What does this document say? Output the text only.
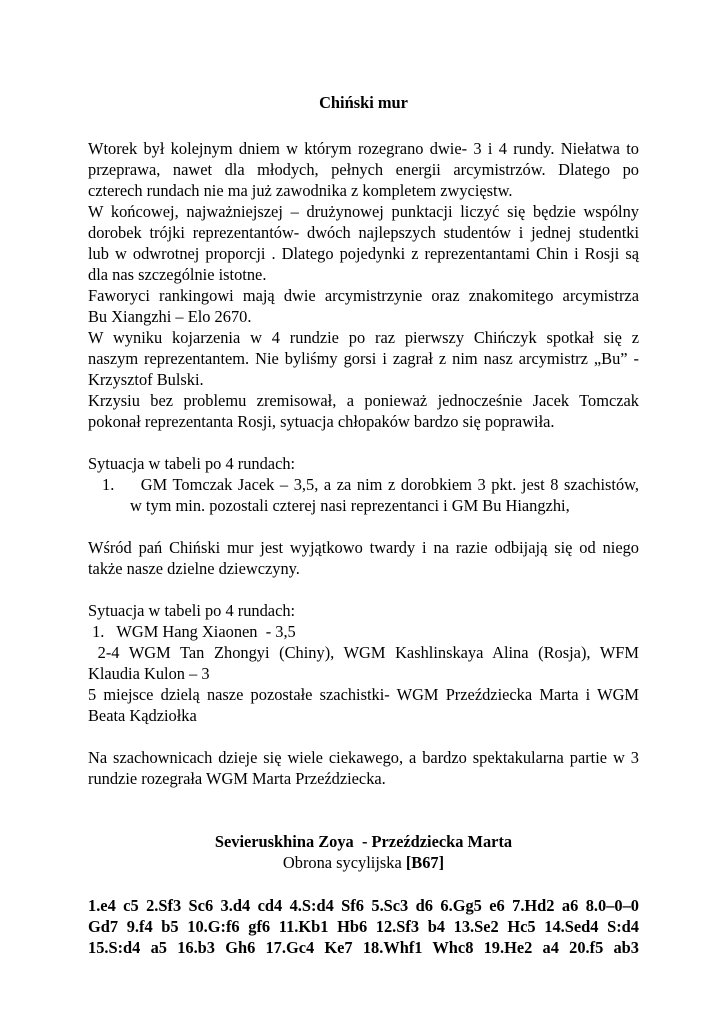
Chiński mur

Wtorek był kolejnym dniem w którym rozegrano dwie- 3 i 4 rundy. Niełatwa to

przeprawa, nawet dla młodych, pełnych energii arcymistrzów. Dlatego po

czterech rundach nie ma już zawodnika z kompletem zwycięstw.

W końcowej, najważniejszej – drużynowej punktacji liczyć się będzie wspólny

dorobek trójki reprezentantów- dwóch najlepszych studentów i jednej studentki

lub w odwrotnej proporcji . Dlatego pojedynki z reprezentantami Chin i Rosji są

dla nas szczególnie istotne.

Faworyci rankingowi mają dwie arcymistrzynie oraz znakomitego arcymistrza

Bu Xiangzhi – Elo 2670.

W wyniku kojarzenia w 4 rundzie po raz pierwszy Chińczyk spotkał się z

naszym reprezentantem. Nie byliśmy gorsi i zagrał z nim nasz arcymistrz „Bu” -

Krzysztof Bulski.

Krzysiu bez problemu zremisował, a ponieważ jednocześnie Jacek Tomczak

pokonał reprezentanta Rosji, sytuacja chłopaków bardzo się poprawiła.

Sytuacja w tabeli po 4 rundach:

1. GM Tomczak Jacek – 3,5, a za nim z dorobkiem 3 pkt. jest 8 szachistów,

w tym min. pozostali czterej nasi reprezentanci i GM Bu Hiangzhi,

Wśród pań Chiński mur jest wyjątkowo twardy i na razie odbijają się od niego

także nasze dzielne dziewczyny.

Sytuacja w tabeli po 4 rundach:

1.   WGM Hang Xiaonen  - 3,5

2-4 WGM Tan Zhongyi (Chiny), WGM Kashlinskaya Alina (Rosja), WFM

Klaudia Kulon – 3

5 miejsce dzielą nasze pozostałe szachistki- WGM Przeździecka Marta i WGM

Beata Kądziołka

Na szachownicach dzieje się wiele ciekawego, a bardzo spektakularna partie w 3

rundzie rozegrała WGM Marta Przeździecka.

Sevieruskhina Zoya  - Przeździecka Marta

Obrona sycylijska [B67]

1.e4 c5 2.Sf3 Sc6 3.d4 cd4 4.S:d4 Sf6 5.Sc3 d6 6.Gg5 e6 7.Hd2 a6 8.0–0–0

Gd7 9.f4 b5 10.G:f6 gf6 11.Kb1 Hb6 12.Sf3 b4 13.Se2 Hc5 14.Sed4 S:d4

15.S:d4 a5 16.b3 Gh6 17.Gc4 Ke7 18.Whf1 Whc8 19.He2 a4 20.f5 ab3
